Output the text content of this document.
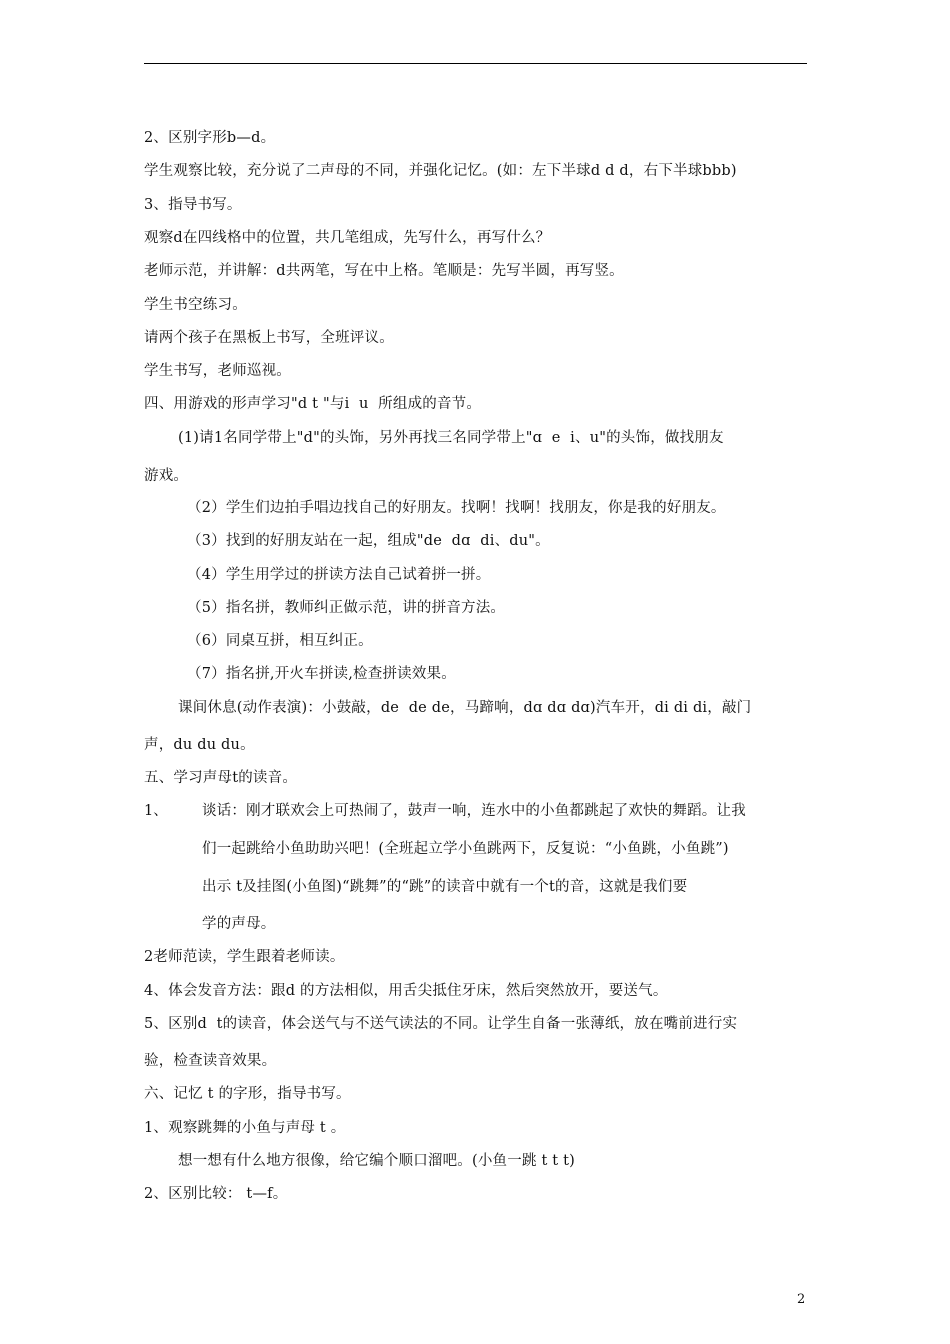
2、区别字形b—d。
学生观察比较，充分说了二声母的不同，并强化记忆。(如：左下半球d d d，右下半球bbb)
3、指导书写。
观察d在四线格中的位置，共几笔组成，先写什么，再写什么？
老师示范，并讲解：d共两笔，写在中上格。笔顺是：先写半圆，再写竖。
学生书空练习。
请两个孩子在黑板上书写，全班评议。
学生书写，老师巡视。
四、用游戏的形声学习"d t "与i  u  所组成的音节。
(1)请1名同学带上"d"的头饰，另外再找三名同学带上"ɑ  e  i、u"的头饰，做找朋友
游戏。
（2）学生们边拍手唱边找自己的好朋友。找啊！找啊！找朋友，你是我的好朋友。
（3）找到的好朋友站在一起，组成"de  dɑ  di、du"。
（4）学生用学过的拼读方法自己试着拼一拼。
（5）指名拼，教师纠正做示范，讲的拼音方法。
（6）同桌互拼，相互纠正。
（7）指名拼,开火车拼读,检查拼读效果。
课间休息(动作表演)：小鼓敲，de  de de，马蹄响，dɑ dɑ dɑ)汽车开，di di di，敲门
声，du du du。
五、学习声母t的读音。
1、 谈话：刚才联欢会上可热闹了，鼓声一响，连水中的小鱼都跳起了欢快的舞蹈。让我
们一起跳给小鱼助助兴吧！(全班起立学小鱼跳两下，反复说：“小鱼跳，小鱼跳”)
出示 t及挂图(小鱼图)“跳舞”的“跳”的读音中就有一个t的音，这就是我们要
学的声母。
2老师范读，学生跟着老师读。
4、体会发音方法：跟d 的方法相似，用舌尖抵住牙床，然后突然放开，要送气。
5、区别d  t的读音，体会送气与不送气读法的不同。让学生自备一张薄纸，放在嘴前进行实
验，检查读音效果。
六、记忆 t 的字形，指导书写。
1、观察跳舞的小鱼与声母 t 。
想一想有什么地方很像，给它编个顺口溜吧。(小鱼一跳 t t t)
2、区别比较： t—f。
2
